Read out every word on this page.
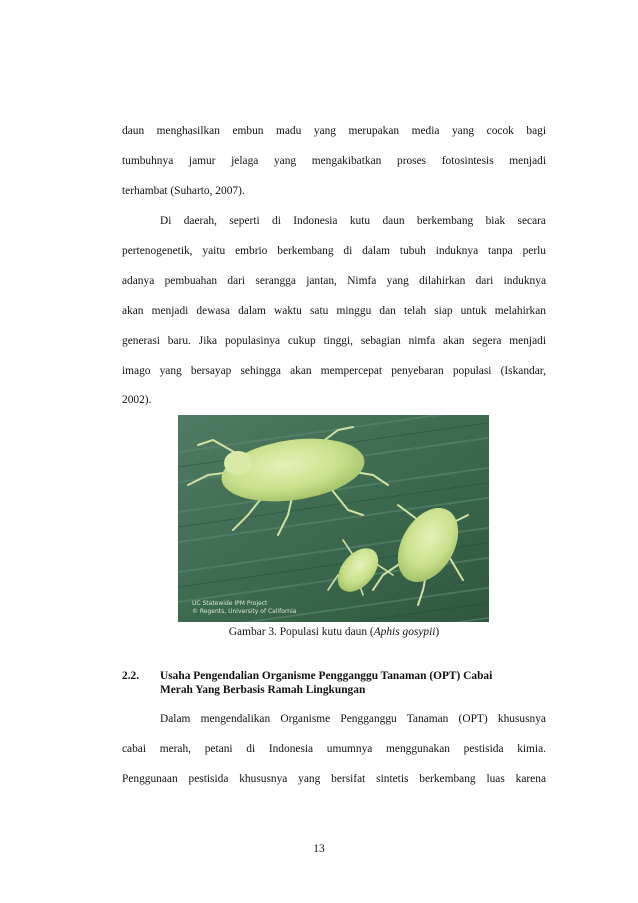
daun menghasilkan embun madu yang merupakan media yang cocok bagi
tumbuhnya jamur jelaga yang mengakibatkan proses fotosintesis menjadi
terhambat (Suharto, 2007).
Di daerah, seperti di Indonesia kutu daun berkembang biak secara
pertenogenetik, yaitu embrio berkembang di dalam tubuh induknya tanpa perlu
adanya pembuahan dari serangga jantan, Nimfa yang dilahirkan dari induknya
akan menjadi dewasa dalam waktu satu minggu dan telah siap untuk melahirkan
generasi baru. Jika populasinya cukup tinggi, sebagian nimfa akan segera menjadi
imago yang bersayap sehingga akan mempercepat penyebaran populasi (Iskandar,
2002).
UC Statewide IPM Project
© Regents, University of California
Gambar 3. Populasi kutu daun (Aphis gosypii)
2.2. Usaha Pengendalian Organisme Pengganggu Tanaman (OPT) Cabai
Merah Yang Berbasis Ramah Lingkungan
Dalam mengendalikan Organisme Pengganggu Tanaman (OPT) khususnya
cabai merah, petani di Indonesia umumnya menggunakan pestisida kimia.
Penggunaan pestisida khususnya yang bersifat sintetis berkembang luas karena
13
